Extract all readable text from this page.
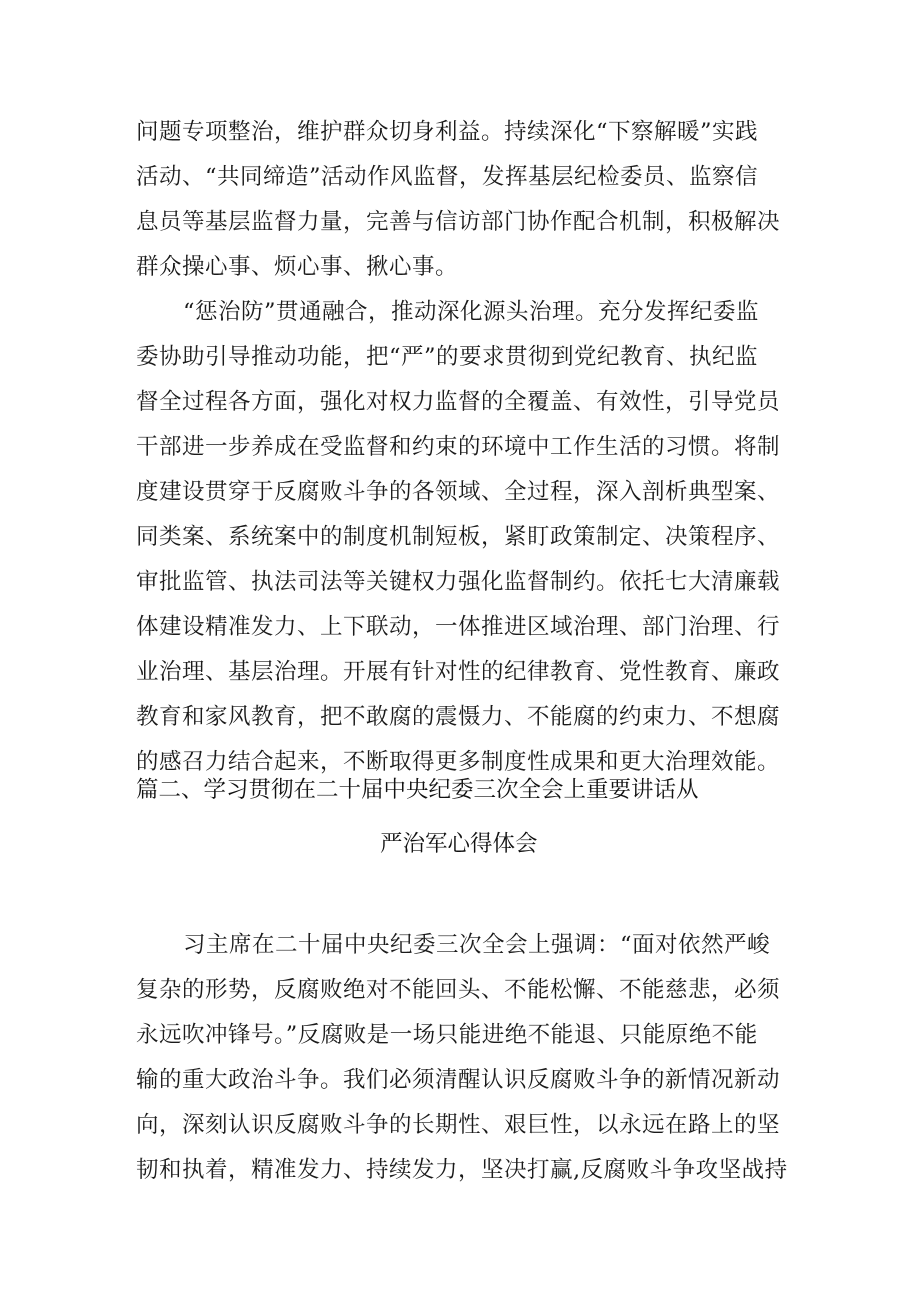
问题专项整治，维护群众切身利益。持续深化“下察解暖”实践
活动、“共同缔造”活动作风监督，发挥基层纪检委员、监察信
息员等基层监督力量，完善与信访部门协作配合机制，积极解决
群众操心事、烦心事、揪心事。
“惩治防”贯通融合，推动深化源头治理。充分发挥纪委监
委协助引导推动功能，把“严”的要求贯彻到党纪教育、执纪监
督全过程各方面，强化对权力监督的全覆盖、有效性，引导党员
干部进一步养成在受监督和约束的环境中工作生活的习惯。将制
度建设贯穿于反腐败斗争的各领域、全过程，深入剖析典型案、
同类案、系统案中的制度机制短板，紧盯政策制定、决策程序、
审批监管、执法司法等关键权力强化监督制约。依托七大清廉载
体建设精准发力、上下联动，一体推进区域治理、部门治理、行
业治理、基层治理。开展有针对性的纪律教育、党性教育、廉政
教育和家风教育，把不敢腐的震慑力、不能腐的约束力、不想腐
的感召力结合起来，不断取得更多制度性成果和更大治理效能。
篇二、学习贯彻在二十届中央纪委三次全会上重要讲话从
严治军心得体会
习主席在二十届中央纪委三次全会上强调：“面对依然严峻
复杂的形势，反腐败绝对不能回头、不能松懈、不能慈悲，必须
永远吹冲锋号。”反腐败是一场只能进绝不能退、只能原绝不能
输的重大政治斗争。我们必须清醒认识反腐败斗争的新情况新动
向，深刻认识反腐败斗争的长期性、艰巨性，以永远在路上的坚
韧和执着，精准发力、持续发力，坚决打赢,反腐败斗争攻坚战持
